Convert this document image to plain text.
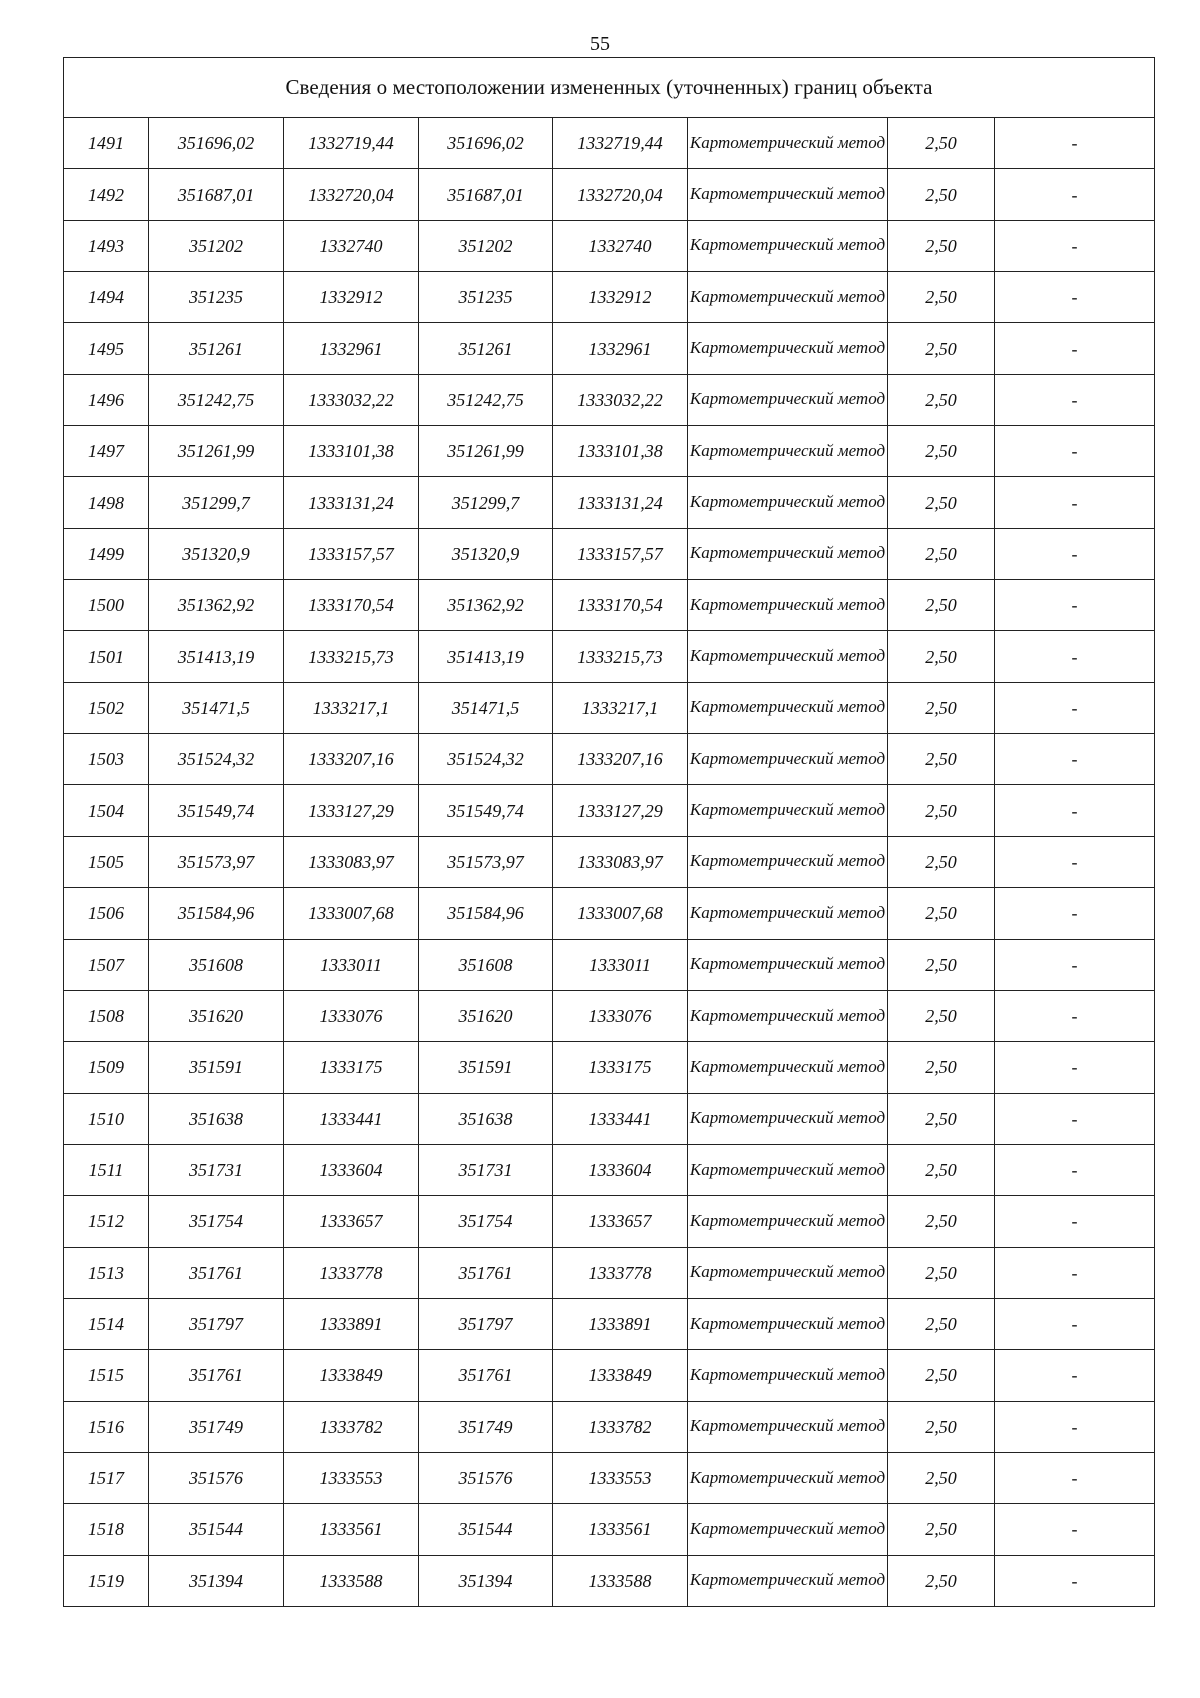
55
Сведения о местоположении измененных (уточненных) границ объекта							
1491	351696,02	1332719,44	351696,02	1332719,44	Картометрический метод	2,50	-
1492	351687,01	1332720,04	351687,01	1332720,04	Картометрический метод	2,50	-
1493	351202	1332740	351202	1332740	Картометрический метод	2,50	-
1494	351235	1332912	351235	1332912	Картометрический метод	2,50	-
1495	351261	1332961	351261	1332961	Картометрический метод	2,50	-
1496	351242,75	1333032,22	351242,75	1333032,22	Картометрический метод	2,50	-
1497	351261,99	1333101,38	351261,99	1333101,38	Картометрический метод	2,50	-
1498	351299,7	1333131,24	351299,7	1333131,24	Картометрический метод	2,50	-
1499	351320,9	1333157,57	351320,9	1333157,57	Картометрический метод	2,50	-
1500	351362,92	1333170,54	351362,92	1333170,54	Картометрический метод	2,50	-
1501	351413,19	1333215,73	351413,19	1333215,73	Картометрический метод	2,50	-
1502	351471,5	1333217,1	351471,5	1333217,1	Картометрический метод	2,50	-
1503	351524,32	1333207,16	351524,32	1333207,16	Картометрический метод	2,50	-
1504	351549,74	1333127,29	351549,74	1333127,29	Картометрический метод	2,50	-
1505	351573,97	1333083,97	351573,97	1333083,97	Картометрический метод	2,50	-
1506	351584,96	1333007,68	351584,96	1333007,68	Картометрический метод	2,50	-
1507	351608	1333011	351608	1333011	Картометрический метод	2,50	-
1508	351620	1333076	351620	1333076	Картометрический метод	2,50	-
1509	351591	1333175	351591	1333175	Картометрический метод	2,50	-
1510	351638	1333441	351638	1333441	Картометрический метод	2,50	-
1511	351731	1333604	351731	1333604	Картометрический метод	2,50	-
1512	351754	1333657	351754	1333657	Картометрический метод	2,50	-
1513	351761	1333778	351761	1333778	Картометрический метод	2,50	-
1514	351797	1333891	351797	1333891	Картометрический метод	2,50	-
1515	351761	1333849	351761	1333849	Картометрический метод	2,50	-
1516	351749	1333782	351749	1333782	Картометрический метод	2,50	-
1517	351576	1333553	351576	1333553	Картометрический метод	2,50	-
1518	351544	1333561	351544	1333561	Картометрический метод	2,50	-
1519	351394	1333588	351394	1333588	Картометрический метод	2,50	-
